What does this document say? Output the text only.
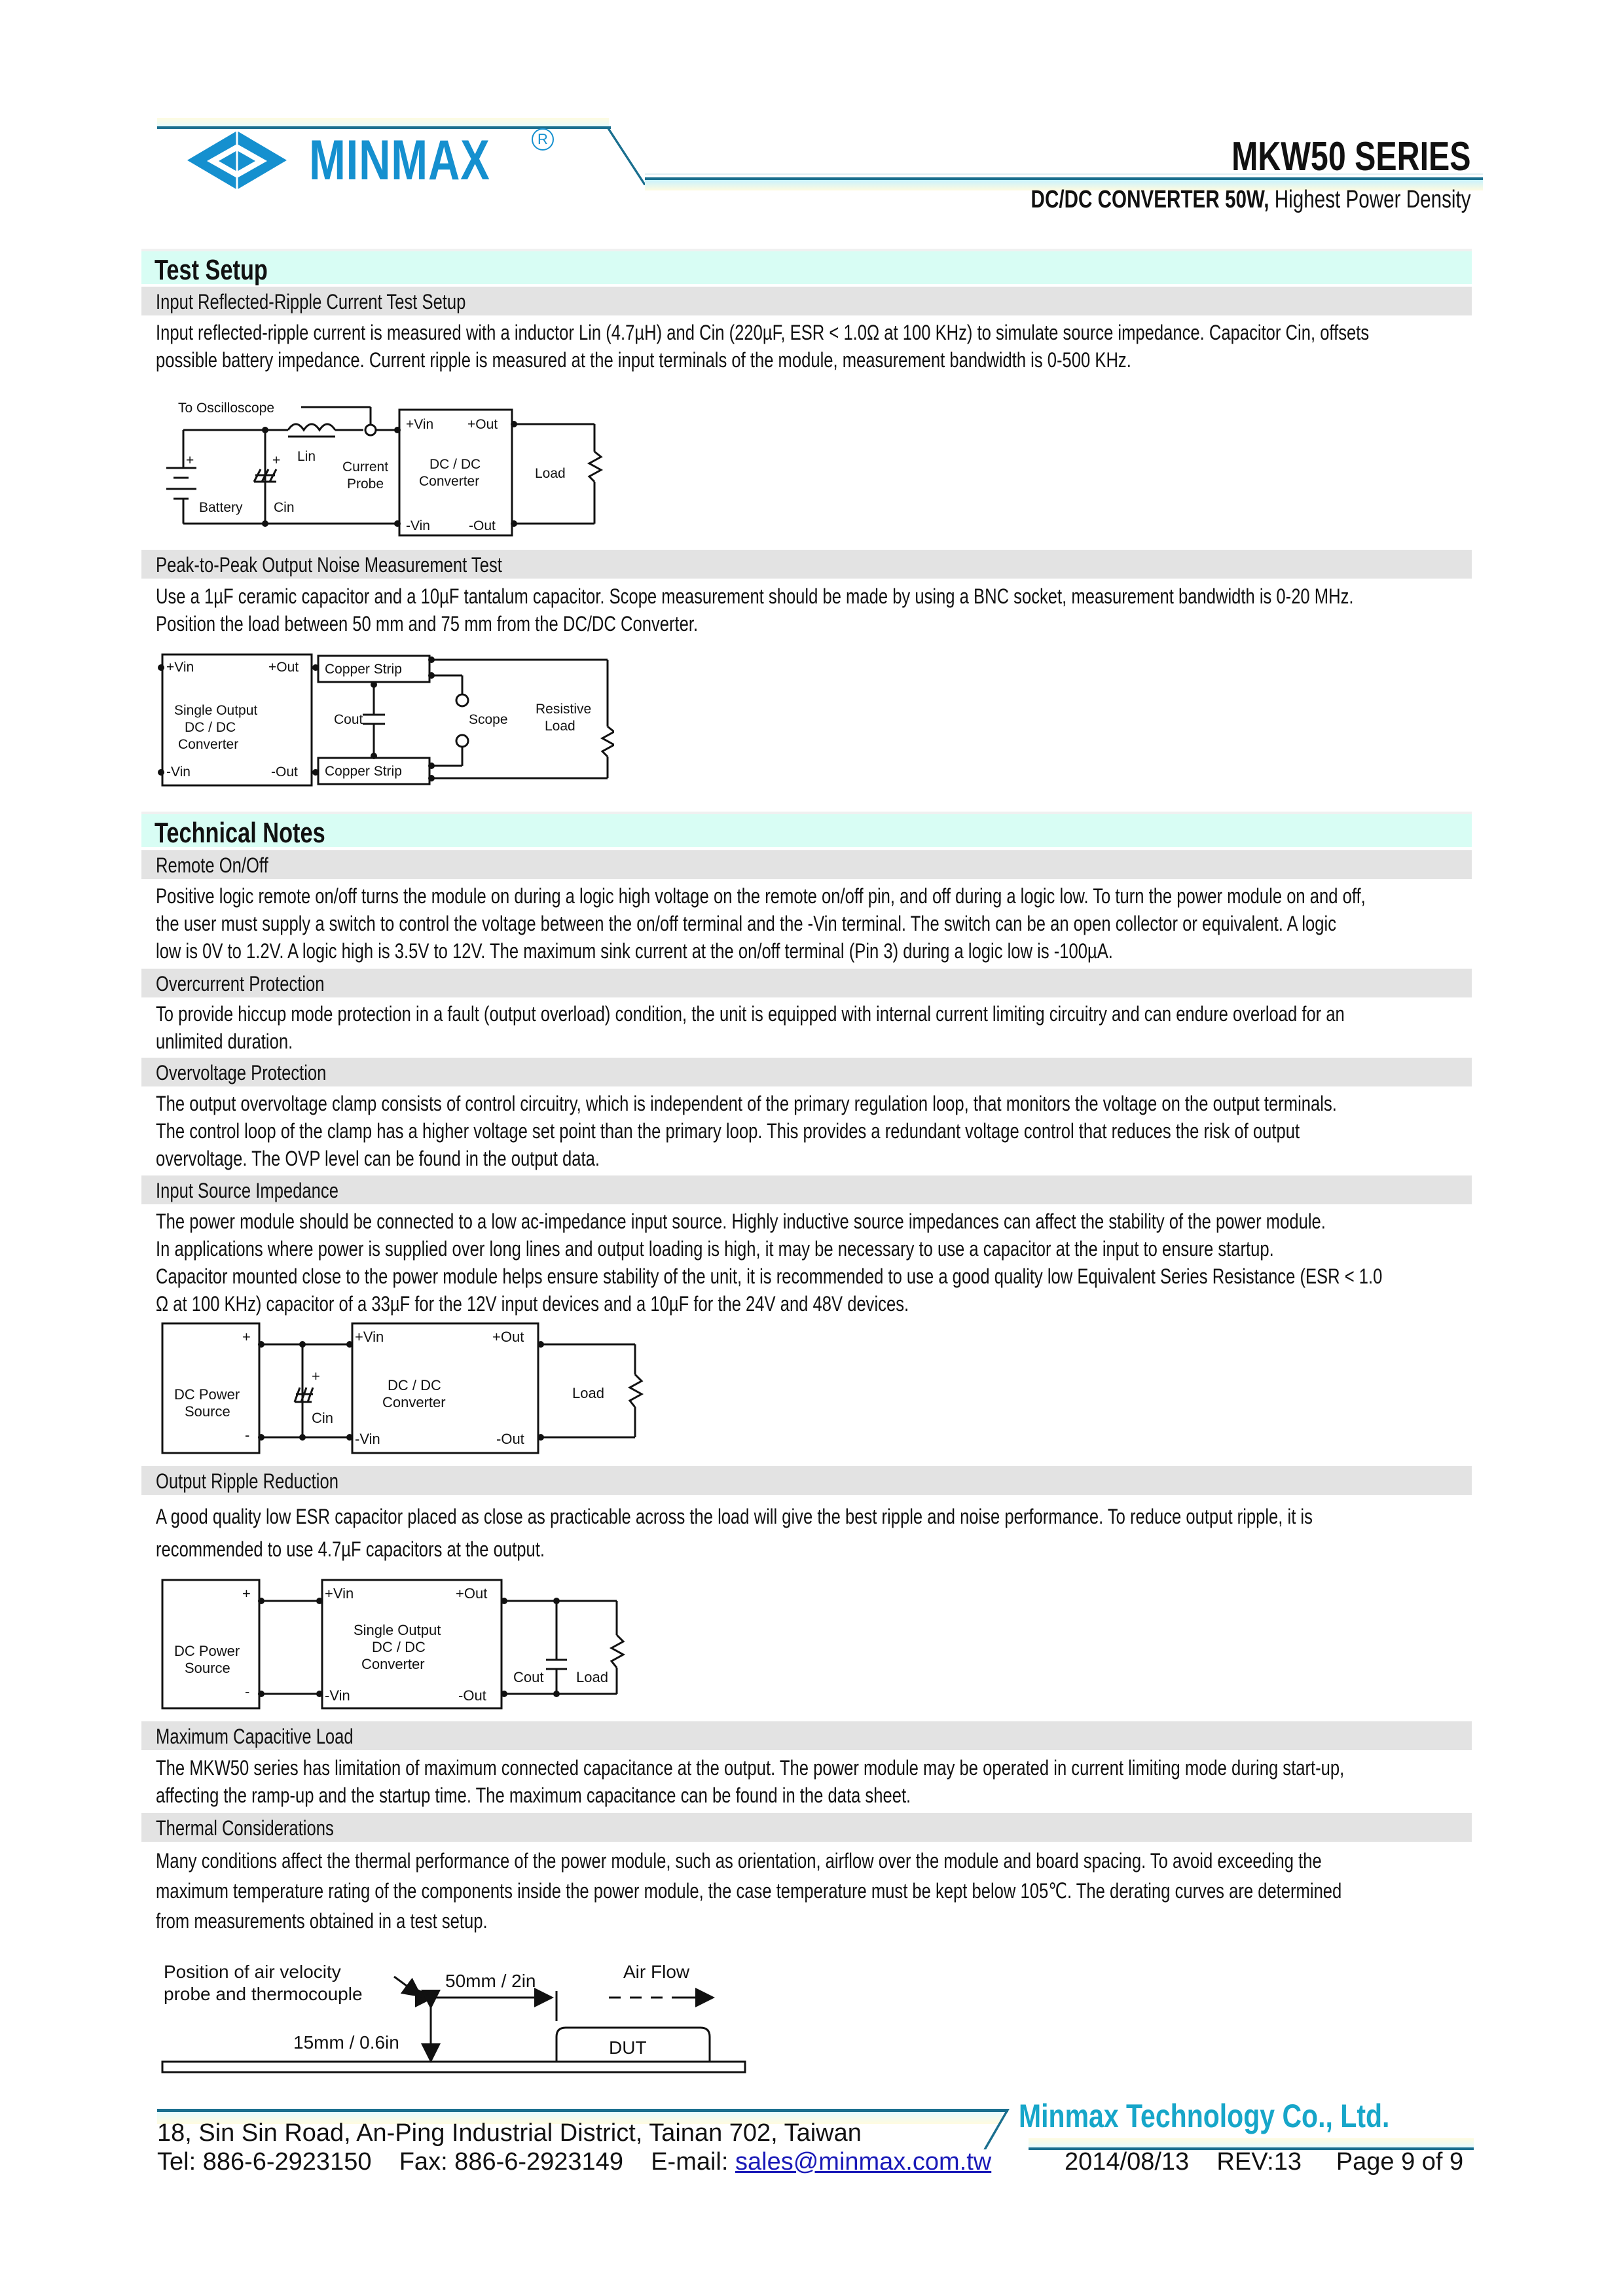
MINMAX	R	MKW50 SERIES
DC/DC CONVERTER 50W, Highest Power Density
Test Setup
Input Reflected-Ripple Current Test Setup
Input reflected-ripple current is measured with a inductor Lin (4.7µH) and Cin (220µF, ESR < 1.0Ω at 100 KHz) to simulate source impedance. Capacitor Cin, offsets
possible battery impedance. Current ripple is measured at the input terminals of the module, measurement bandwidth is 0-500 KHz.
To Oscilloscope
+	+
Battery Cin
Lin
Current
Probe
+Vin +Out
DC / DC
Converter
-Vin	-Out
Load
Peak-to-Peak Output Noise Measurement Test
Use a 1µF ceramic capacitor and a 10µF tantalum capacitor. Scope measurement should be made by using a BNC socket, measurement bandwidth is 0-20 MHz.
Position the load between 50 mm and 75 mm from the DC/DC Converter.
+Vin	+Out
Single Output
DC / DC
Converter
-Vin	-Out
Copper Strip
Copper Strip
Cout	Scope
Resistive
Load
Technical Notes
Remote On/Off
Positive logic remote on/off turns the module on during a logic high voltage on the remote on/off pin, and off during a logic low. To turn the power module on and off,
the user must supply a switch to control the voltage between the on/off terminal and the -Vin terminal. The switch can be an open collector or equivalent. A logic
low is 0V to 1.2V. A logic high is 3.5V to 12V. The maximum sink current at the on/off terminal (Pin 3) during a logic low is -100µA.
Overcurrent Protection
To provide hiccup mode protection in a fault (output overload) condition, the unit is equipped with internal current limiting circuitry and can endure overload for an
unlimited duration.
Overvoltage Protection
The output overvoltage clamp consists of control circuitry, which is independent of the primary regulation loop, that monitors the voltage on the output terminals.
The control loop of the clamp has a higher voltage set point than the primary loop. This provides a redundant voltage control that reduces the risk of output
overvoltage. The OVP level can be found in the output data.
Input Source Impedance
The power module should be connected to a low ac-impedance input source. Highly inductive source impedances can affect the stability of the power module.
In applications where power is supplied over long lines and output loading is high, it may be necessary to use a capacitor at the input to ensure startup.
Capacitor mounted close to the power module helps ensure stability of the unit, it is recommended to use a good quality low Equivalent Series Resistance (ESR < 1.0
Ω at 100 KHz) capacitor of a 33µF for the 12V input devices and a 10µF for the 24V and 48V devices.
+
-
DC Power
Source
+
Cin
+Vin	+Out
DC / DC
Converter
-Vin	-Out
Load
Output Ripple Reduction
A good quality low ESR capacitor placed as close as practicable across the load will give the best ripple and noise performance. To reduce output ripple, it is
recommended to use 4.7µF capacitors at the output.
+
-
DC Power
Source
+Vin	+Out
Single Output
DC / DC
Converter
-Vin	-Out
Cout Load
Maximum Capacitive Load
The MKW50 series has limitation of maximum connected capacitance at the output. The power module may be operated in current limiting mode during start-up,
affecting the ramp-up and the startup time. The maximum capacitance can be found in the data sheet.
Thermal Considerations
Many conditions affect the thermal performance of the power module, such as orientation, airflow over the module and board spacing. To avoid exceeding the
maximum temperature rating of the components inside the power module, the case temperature must be kept below 105℃. The derating curves are determined
from measurements obtained in a test setup.
Position of air velocity
probe and thermocouple
50mm / 2in
15mm / 0.6in
Air Flow
DUT
Minmax Technology Co., Ltd.
18, Sin Sin Road, An-Ping Industrial District, Tainan 702, Taiwan
Tel: 886-6-2923150 Fax: 886-6-2923149 E-mail: sales@minmax.com.tw	2014/08/13 REV:13 Page 9 of 9
